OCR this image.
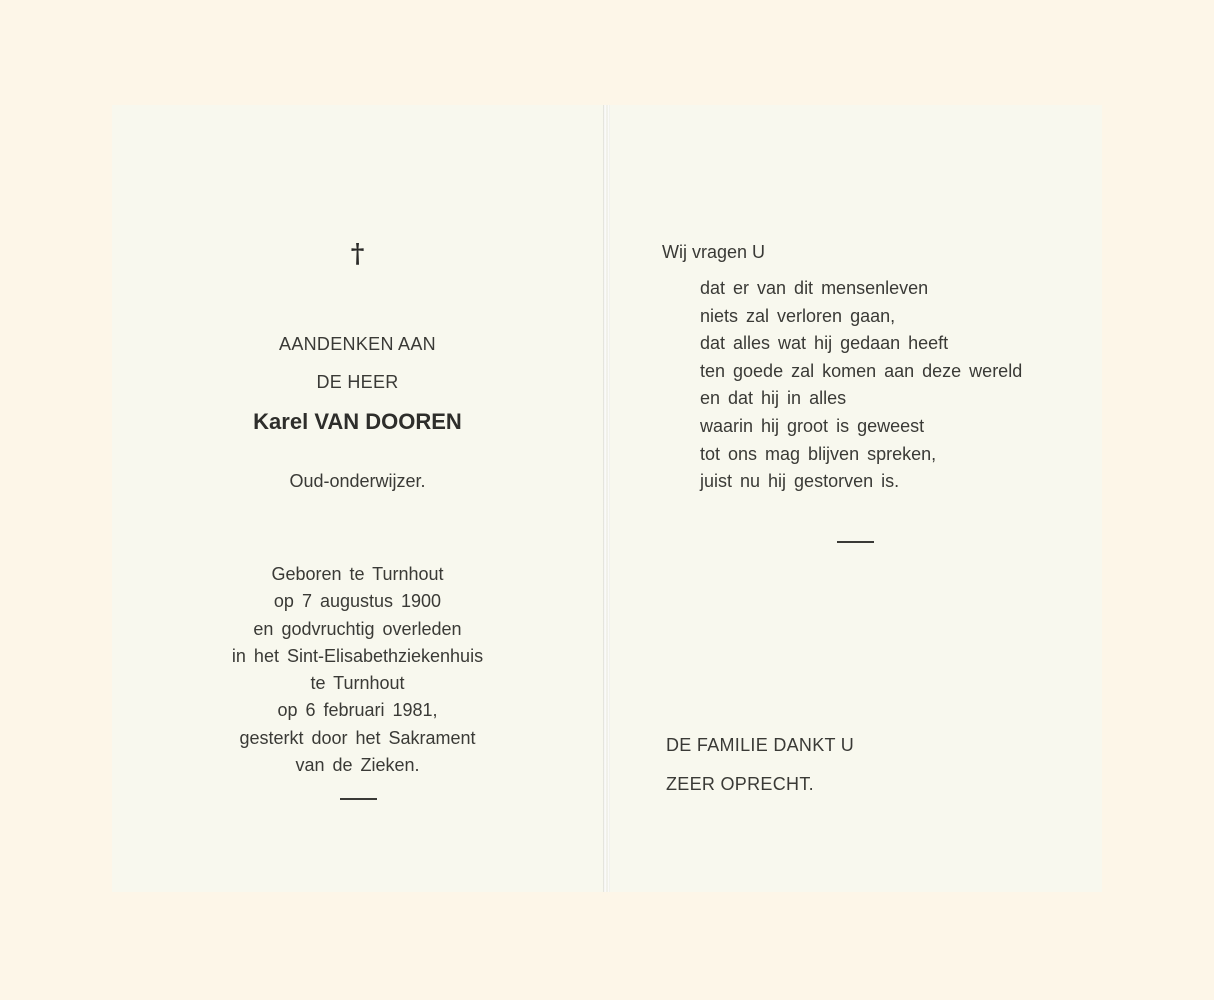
†
AANDENKEN AAN
DE HEER
Karel VAN DOOREN
Oud-onderwijzer.
Geboren te Turnhout
op 7 augustus 1900
en godvruchtig overleden
in het Sint-Elisabethziekenhuis
te Turnhout
op 6 februari 1981,
gesterkt door het Sakrament
van de Zieken.
Wij vragen U
dat er van dit mensenleven
niets zal verloren gaan,
dat alles wat hij gedaan heeft
ten goede zal komen aan deze wereld
en dat hij in alles
waarin hij groot is geweest
tot ons mag blijven spreken,
juist nu hij gestorven is.
DE FAMILIE DANKT U
ZEER OPRECHT.
